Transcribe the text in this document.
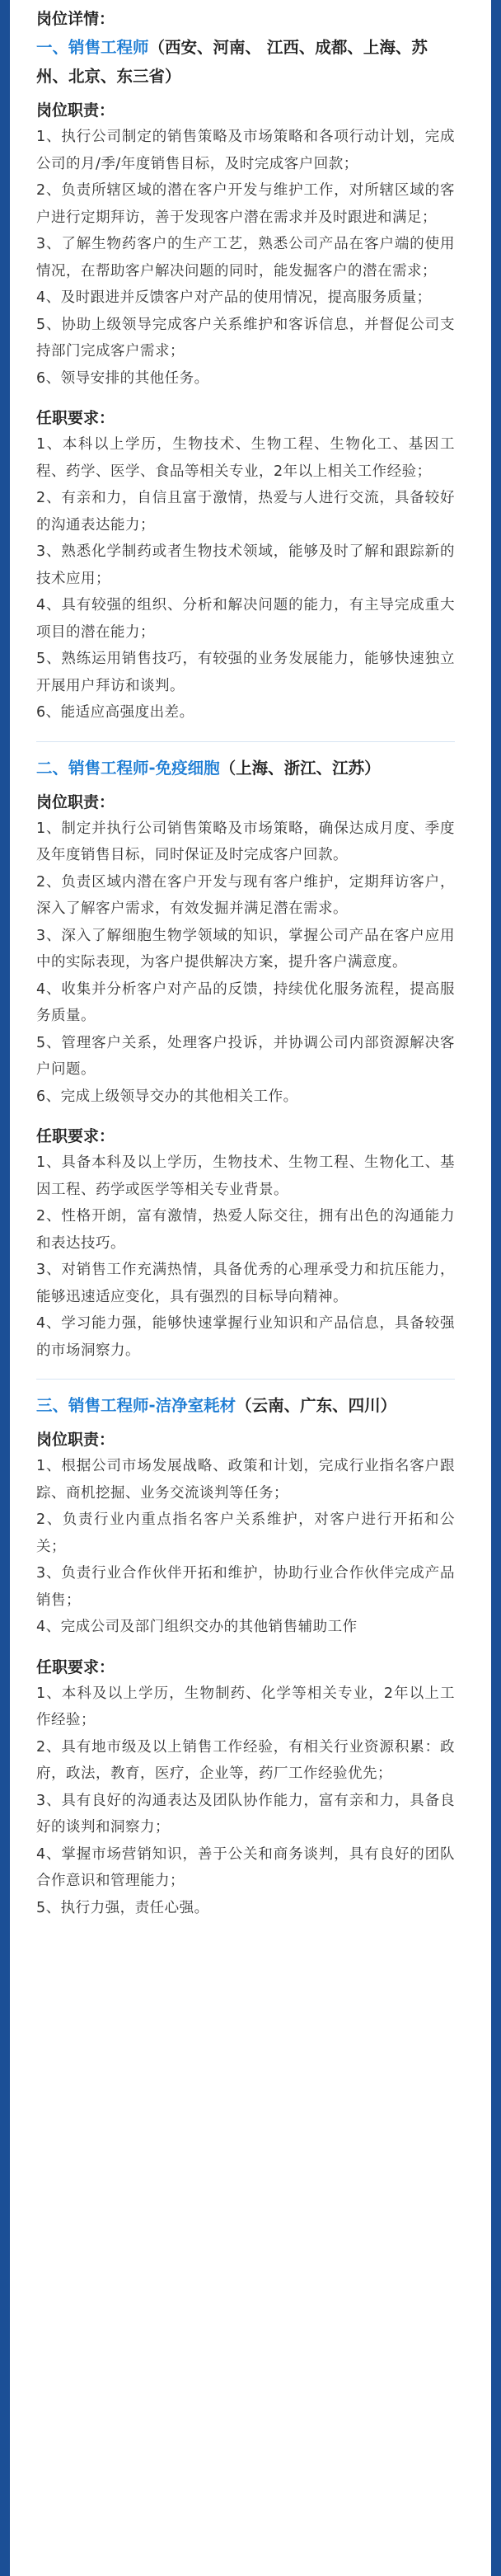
岗位详情：
一、销售工程师（西安、河南、 江西、成都、上海、苏州、北京、东三省）
岗位职责：
1、执行公司制定的销售策略及市场策略和各项行动计划，完成公司的月/季/年度销售目标，及时完成客户回款；
2、负责所辖区域的潜在客户开发与维护工作，对所辖区域的客户进行定期拜访，善于发现客户潜在需求并及时跟进和满足；
3、了解生物药客户的生产工艺，熟悉公司产品在客户端的使用情况，在帮助客户解决问题的同时，能发掘客户的潜在需求；
4、及时跟进并反馈客户对产品的使用情况，提高服务质量；
5、协助上级领导完成客户关系维护和客诉信息，并督促公司支持部门完成客户需求；
6、领导安排的其他任务。
任职要求：
1、本科以上学历，生物技术、生物工程、生物化工、基因工程、药学、医学、食品等相关专业，2年以上相关工作经验；
2、有亲和力，自信且富于激情，热爱与人进行交流，具备较好的沟通表达能力；
3、熟悉化学制药或者生物技术领域，能够及时了解和跟踪新的技术应用；
4、具有较强的组织、分析和解决问题的能力，有主导完成重大项目的潜在能力；
5、熟练运用销售技巧，有较强的业务发展能力，能够快速独立开展用户拜访和谈判。
6、能适应高强度出差。
二、销售工程师-免疫细胞（上海、浙江、江苏）
岗位职责：
1、制定并执行公司销售策略及市场策略，确保达成月度、季度及年度销售目标，同时保证及时完成客户回款。
2、负责区域内潜在客户开发与现有客户维护，定期拜访客户，深入了解客户需求，有效发掘并满足潜在需求。
3、深入了解细胞生物学领域的知识，掌握公司产品在客户应用中的实际表现，为客户提供解决方案，提升客户满意度。
4、收集并分析客户对产品的反馈，持续优化服务流程，提高服务质量。
5、管理客户关系，处理客户投诉，并协调公司内部资源解决客户问题。
6、完成上级领导交办的其他相关工作。
任职要求：
1、具备本科及以上学历，生物技术、生物工程、生物化工、基因工程、药学或医学等相关专业背景。
2、性格开朗，富有激情，热爱人际交往，拥有出色的沟通能力和表达技巧。
3、对销售工作充满热情，具备优秀的心理承受力和抗压能力，能够迅速适应变化，具有强烈的目标导向精神。
4、学习能力强，能够快速掌握行业知识和产品信息，具备较强的市场洞察力。
三、销售工程师-洁净室耗材（云南、广东、四川）
岗位职责：
1、根据公司市场发展战略、政策和计划，完成行业指名客户跟踪、商机挖掘、业务交流谈判等任务；
2、负责行业内重点指名客户关系维护，对客户进行开拓和公关；
3、负责行业合作伙伴开拓和维护，协助行业合作伙伴完成产品销售；
4、完成公司及部门组织交办的其他销售辅助工作
任职要求：
1、本科及以上学历，生物制药、化学等相关专业，2年以上工作经验；
2、具有地市级及以上销售工作经验，有相关行业资源积累：政府，政法，教育，医疗，企业等，药厂工作经验优先；
3、具有良好的沟通表达及团队协作能力，富有亲和力，具备良好的谈判和洞察力；
4、掌握市场营销知识，善于公关和商务谈判，具有良好的团队合作意识和管理能力；
5、执行力强，责任心强。
